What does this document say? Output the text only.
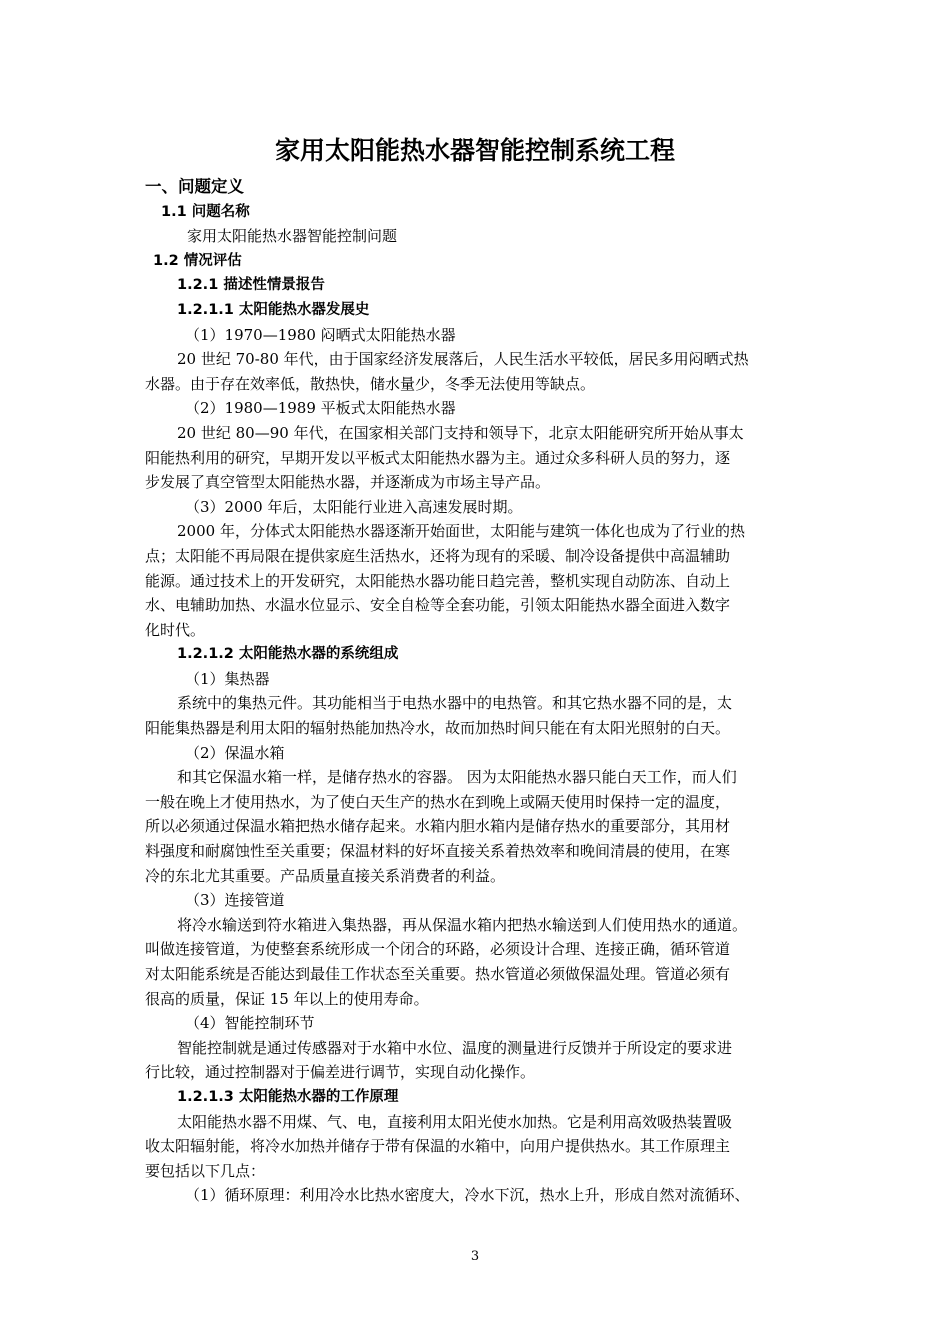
家用太阳能热水器智能控制系统工程
一、问题定义
1.1 问题名称
家用太阳能热水器智能控制问题
1.2 情况评估
1.2.1 描述性情景报告
1.2.1.1 太阳能热水器发展史
（1）1970—1980 闷晒式太阳能热水器
20 世纪 70-80 年代，由于国家经济发展落后，人民生活水平较低，居民多用闷晒式热
水器。由于存在效率低，散热快，储水量少，冬季无法使用等缺点。
（2）1980—1989 平板式太阳能热水器
20 世纪 80—90 年代，在国家相关部门支持和领导下，北京太阳能研究所开始从事太
阳能热利用的研究，早期开发以平板式太阳能热水器为主。通过众多科研人员的努力，逐
步发展了真空管型太阳能热水器，并逐渐成为市场主导产品。
（3）2000 年后，太阳能行业进入高速发展时期。
2000 年，分体式太阳能热水器逐渐开始面世，太阳能与建筑一体化也成为了行业的热
点；太阳能不再局限在提供家庭生活热水，还将为现有的采暖、制冷设备提供中高温辅助
能源。通过技术上的开发研究，太阳能热水器功能日趋完善，整机实现自动防冻、自动上
水、电辅助加热、水温水位显示、安全自检等全套功能，引领太阳能热水器全面进入数字
化时代。
1.2.1.2 太阳能热水器的系统组成
（1）集热器
系统中的集热元件。其功能相当于电热水器中的电热管。和其它热水器不同的是，太
阳能集热器是利用太阳的辐射热能加热冷水，故而加热时间只能在有太阳光照射的白天。
（2）保温水箱
和其它保温水箱一样，是储存热水的容器。 因为太阳能热水器只能白天工作，而人们
一般在晚上才使用热水，为了使白天生产的热水在到晚上或隔天使用时保持一定的温度，
所以必须通过保温水箱把热水储存起来。水箱内胆水箱内是储存热水的重要部分，其用材
料强度和耐腐蚀性至关重要；保温材料的好坏直接关系着热效率和晚间清晨的使用，在寒
冷的东北尤其重要。产品质量直接关系消费者的利益。
（3）连接管道
将冷水输送到符水箱进入集热器，再从保温水箱内把热水输送到人们使用热水的通道。
叫做连接管道，为使整套系统形成一个闭合的环路，必须设计合理、连接正确，循环管道
对太阳能系统是否能达到最佳工作状态至关重要。热水管道必须做保温处理。管道必须有
很高的质量，保证 15 年以上的使用寿命。
（4）智能控制环节
智能控制就是通过传感器对于水箱中水位、温度的测量进行反馈并于所设定的要求进
行比较，通过控制器对于偏差进行调节，实现自动化操作。
1.2.1.3 太阳能热水器的工作原理
太阳能热水器不用煤、气、电，直接利用太阳光使水加热。它是利用高效吸热装置吸
收太阳辐射能，将冷水加热并储存于带有保温的水箱中，向用户提供热水。其工作原理主
要包括以下几点：
（1）循环原理：利用冷水比热水密度大，冷水下沉，热水上升，形成自然对流循环、
3
